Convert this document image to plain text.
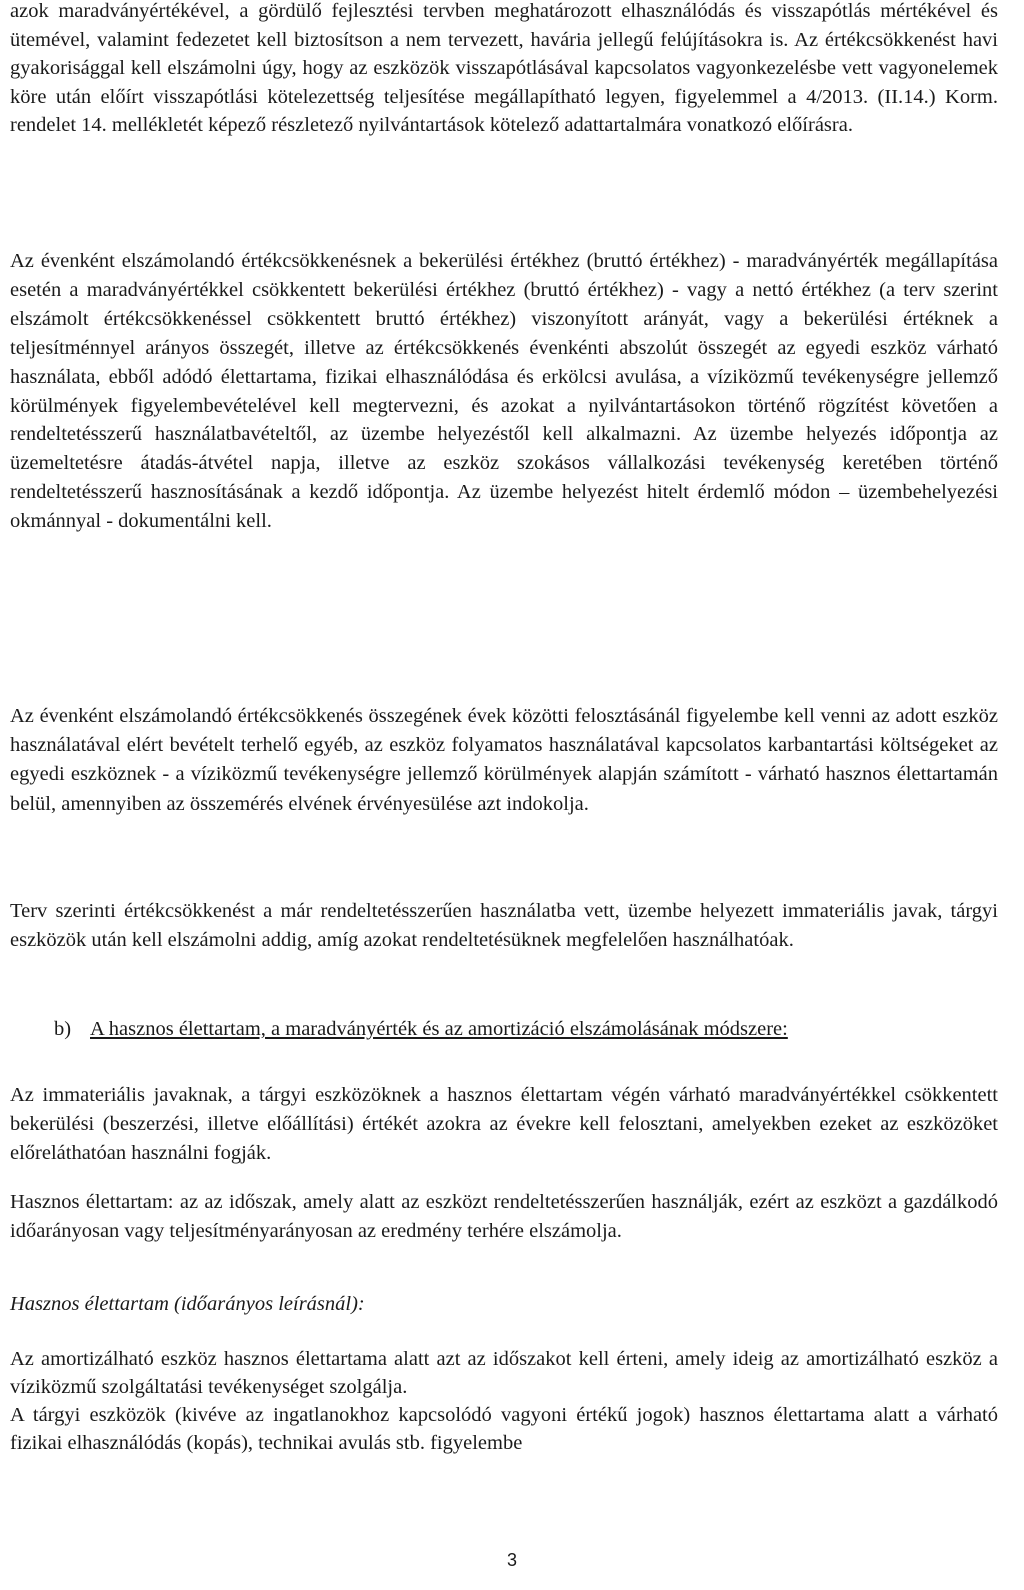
azok maradványértékével, a gördülő fejlesztési tervben meghatározott elhasználódás és visszapótlás mértékével és ütemével, valamint fedezetet kell biztosítson a nem tervezett, havária jellegű felújításokra is. Az értékcsökkenést havi gyakorisággal kell elszámolni úgy, hogy az eszközök visszapótlásával kapcsolatos vagyonkezelésbe vett vagyonelemek köre után előírt visszapótlási kötelezettség teljesítése megállapítható legyen, figyelemmel a 4/2013. (II.14.) Korm. rendelet 14. mellékletét képező részletező nyilvántartások kötelező adattartalmára vonatkozó előírásra.

Az évenként elszámolandó értékcsökkenésnek a bekerülési értékhez (bruttó értékhez) - maradványérték megállapítása esetén a maradványértékkel csökkentett bekerülési értékhez (bruttó értékhez) - vagy a nettó értékhez (a terv szerint elszámolt értékcsökkenéssel csökkentett bruttó értékhez) viszonyított arányát, vagy a bekerülési értéknek a teljesítménnyel arányos összegét, illetve az értékcsökkenés évenkénti abszolút összegét az egyedi eszköz várható használata, ebből adódó élettartama, fizikai elhasználódása és erkölcsi avulása, a víziközmű tevékenységre jellemző körülmények figyelembevételével kell megtervezni, és azokat a nyilvántartásokon történő rögzítést követően a rendeltetésszerű használatbavételtől, az üzembe helyezéstől kell alkalmazni. Az üzembe helyezés időpontja az üzemeltetésre átadás-átvétel napja, illetve az eszköz szokásos vállalkozási tevékenység keretében történő rendeltetésszerű hasznosításának a kezdő időpontja. Az üzembe helyezést hitelt érdemlő módon – üzembehelyezési okmánnyal - dokumentálni kell.

Az évenként elszámolandó értékcsökkenés összegének évek közötti felosztásánál figyelembe kell venni az adott eszköz használatával elért bevételt terhelő egyéb, az eszköz folyamatos használatával kapcsolatos karbantartási költségeket az egyedi eszköznek - a víziközmű tevékenységre jellemző körülmények alapján számított - várható hasznos élettartamán belül, amennyiben az összemérés elvének érvényesülése azt indokolja.

Terv szerinti értékcsökkenést a már rendeltetésszerűen használatba vett, üzembe helyezett immateriális javak, tárgyi eszközök után kell elszámolni addig, amíg azokat rendeltetésüknek megfelelően használhatóak.

b) A hasznos élettartam, a maradványérték és az amortizáció elszámolásának módszere:

Az immateriális javaknak, a tárgyi eszközöknek a hasznos élettartam végén várható maradványértékkel csökkentett bekerülési (beszerzési, illetve előállítási) értékét azokra az évekre kell felosztani, amelyekben ezeket az eszközöket előreláthatóan használni fogják.

Hasznos élettartam: az az időszak, amely alatt az eszközt rendeltetésszerűen használják, ezért az eszközt a gazdálkodó időarányosan vagy teljesítményarányosan az eredmény terhére elszámolja.

Hasznos élettartam (időarányos leírásnál):

Az amortizálható eszköz hasznos élettartama alatt azt az időszakot kell érteni, amely ideig az amortizálható eszköz a víziközmű szolgáltatási tevékenységet szolgálja.

A tárgyi eszközök (kivéve az ingatlanokhoz kapcsolódó vagyoni értékű jogok) hasznos élettartama alatt a várható fizikai elhasználódás (kopás), technikai avulás stb. figyelembe

3
